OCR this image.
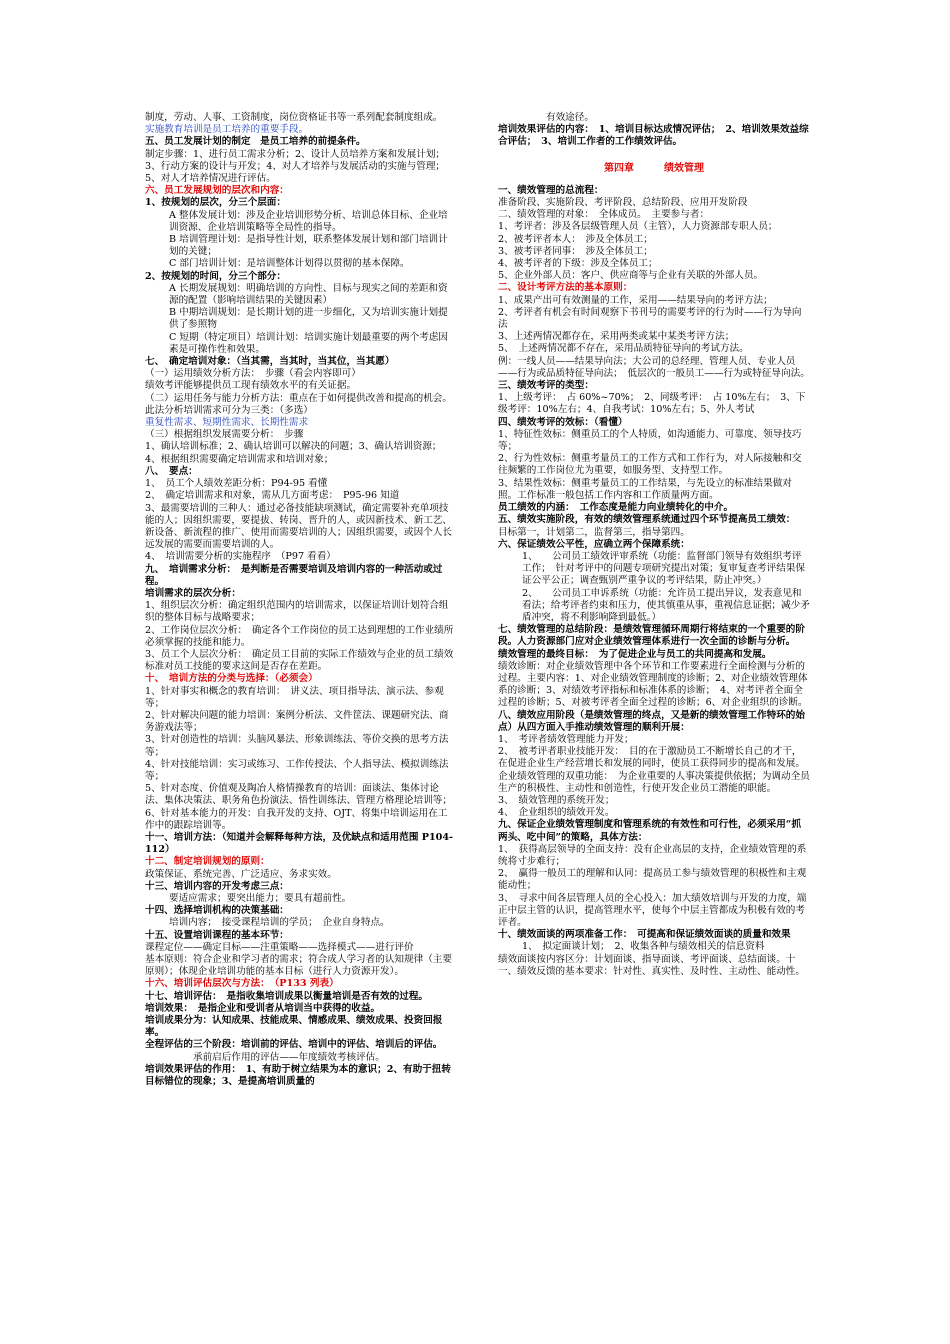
制度，劳动、人事、工资制度，岗位资格证书等一系列配套制度组成。
实施教育培训是员工培养的重要手段。
五、员工发展计划的制定　是员工培养的前提条件。
制定步骤：1、进行员工需求分析；2、设计人员培养方案和发展计划；3、行动方案的设计与开发；4、对人才培养与发展活动的实施与管理；5、对人才培养情况进行评估。
六、员工发展规划的层次和内容：
1、按规划的层次，分三个层面：
A 整体发展计划：涉及企业培训形势分析、培训总体目标、企业培训资源、企业培训策略等全局性的指导。
B 培训管理计划：是指导性计划，联系整体发展计划和部门培训计划的关键；
C 部门培训计划：是培训整体计划得以贯彻的基本保障。
2、按规划的时间，分三个部分：
A 长期发展规划：明确培训的方向性、目标与现实之间的差距和资源的配置（影响培训结果的关键因素）
B 中期培训规划：是长期计划的进一步细化，又为培训实施计划提供了参照物
C 短期（特定项目）培训计划：培训实施计划最重要的两个考虑因素是可操作性和效果。
七、　确定培训对象：（当其需，当其时，当其位，当其愿）
（一）运用绩效分析方法：　步骤（看会内容即可）
绩效考评能够提供员工现有绩效水平的有关证据。
（二）运用任务与能力分析方法：重点在于如何提供改善和提高的机会。　此法分析培训需求可分为三类：（多选）
重复性需求、短期性需求、长期性需求
（三）根据组织发展需要分析：　步骤
1、确认培训标准；2、确认培训可以解决的问题；3、确认培训资源；　4、根据组织需要确定培训需求和培训对象；
八、　要点：
1、　员工个人绩效差距分析：P94-95 看懂
2、　确定培训需求和对象，需从几方面考虑：　P95-96 知道
3、最需要培训的三种人：通过必备技能缺项测试，确定需要补充单项技能的人；因组织需要，要提拔、转岗、晋升的人，或因新技术、新工艺、新设备、新流程的推广、使用而需要培训的人；因组织需要，或因个人长远发展的需要而需要培训的人。
4、　培训需要分析的实施程序　（P97 看看）
九、　培训需求分析：　是判断是否需要培训及培训内容的一种活动或过程。
培训需求的层次分析：
1、组织层次分析：确定组织范围内的培训需求，以保证培训计划符合组织的整体目标与战略要求；
2、工作岗位层次分析：　确定各个工作岗位的员工达到理想的工作业绩所必须掌握的技能和能力。
3、员工个人层次分析：　确定员工目前的实际工作绩效与企业的员工绩效标准对员工技能的要求这间是否存在差距。
十、　培训方法的分类与选择：（必须会）
1、针对事实和概念的教育培训：　讲义法、项目指导法、演示法、参观等；
2、针对解决问题的能力培训：案例分析法、文件筐法、课题研究法、商务游戏法等；
3、针对创造性的培训：头脑风暴法、形象训练法、等价交换的思考方法等；
4、针对技能培训：实习或练习、工作传授法、个人指导法、模拟训练法等；
5、针对态度、价值观及陶冶人格情操教育的培训：面谈法、集体讨论法、集体决策法、职务角色扮演法、悟性训练法、管理方格理论培训等；
6、针对基本能力的开发：自我开发的支持、OJT、将集中培训运用在工作中的跟踪培训等。
十一、培训方法：（知道并会解释每种方法，及优缺点和适用范围 P104-112）
十二、制定培训规划的原则：
政策保证、系统完善、广泛适应、务求实效。
十三、培训内容的开发考虑三点：
要适应需求；要突出能力；要具有超前性。
十四、选择培训机构的决策基础：
培训内容；　接受课程培训的学员；　企业自身特点。
十五、设置培训课程的基本环节：
课程定位——确定目标——注重策略——选择模式——进行评价
基本原则：符合企业和学习者的需求；符合成人学习者的认知规律（主要原则）；体现企业培训功能的基本目标（进行人力资源开发）。
十六、培训评估层次与方法：　（P133 列表）
十七、培训评估：　是指收集培训成果以衡量培训是否有效的过程。
培训效果：　是指企业和受训者从培训当中获得的收益。
培训成果分为：认知成果、技能成果、情感成果、绩效成果、投资回报率。
全程评估的三个阶段：培训前的评估、培训中的评估、培训后的评估。
承前启后作用的评估——年度绩效考核评估。
培训效果评估的作用：　1、有助于树立结果为本的意识；2、有助于扭转目标错位的现象；3、是提高培训质量的
有效途径。
培训效果评估的内容：　1、培训目标达成情况评估；　2、培训效果效益综合评估；　3、培训工作者的工作绩效评估。
第四章　　　绩效管理
一、绩效管理的总流程：
准备阶段、实施阶段、考评阶段、总结阶段、应用开发阶段
二、绩效管理的对象：　全体成员。　主要参与者：
1、考评者：涉及各层级管理人员（主管），人力资源部专职人员；
2、被考评者本人：　涉及全体员工；
3、被考评者同事：　涉及全体员工；
4、被考评者的下级：涉及全体员工；
5、企业外部人员：客户、供应商等与企业有关联的外部人员。
二、设计考评方法的基本原则：
1、成果产出可有效测量的工作，采用——结果导向的考评方法；
2、考评者有机会有时间观察下书刊号的需要考评的行为时——行为导向法
3、上述两情况都存在，采用两类或某中某类考评方法；
5、　上述两情况都不存在，采用品质特征导向的考试方法。
例：一线人员——结果导向法；大公司的总经理、管理人员、专业人员——行为或品质特征导向法；　低层次的一般员工——行为或特征导向法。
三、绩效考评的类型：
1、上级考评：　占 60%~70%；　2、同级考评：　占 10%左右；　3、下级考评：10%左右；4、自我考试：10%左右；5、外人考试
四、绩效考评的效标：（看懂）
1、特征性效标：侧重员工的个人特质，如沟通能力、可靠度、领导技巧等；
2、行为性效标：侧重考量员工的工作方式和工作行为，对人际接触和交往频繁的工作岗位尤为重要，如服务型、支持型工作。
3、结果性效标：侧重考量员工的工作结果，与先设立的标准结果做对照。工作标准一般包括工作内容和工作质量两方面。
员工绩效的内涵：　工作态度是能力向业绩转化的中介。
五、绩效实施阶段，有效的绩效管理系统通过四个环节提高员工绩效：
目标第一，计划第二，监督第三，指导第四。
六、保证绩效公平性，应确立两个保障系统：
1、　　公司员工绩效评审系统（功能：监督部门领导有效组织考评工作；　针对考评中的问题专项研究提出对策；复审复查考评结果保证公平公正；调查甄别严重争议的考评结果，防止冲突。）
2、　　公司员工申诉系统（功能：允许员工提出异议，发表意见和看法；给考评者约束和压力，使其慎重从事，重视信息证据；减少矛盾冲突，将不利影响降到最低。）
七、绩效管理的总结阶段：是绩效管理循环周期行将结束的一个重要的阶段。人力资源部门应对企业绩效管理体系进行一次全面的诊断与分析。
绩效管理的最终目标：　为了促进企业与员工的共同提高和发展。
绩效诊断：对企业绩效管理中各个环节和工作要素进行全面检测与分析的过程。主要内容：1、对企业绩效管理制度的诊断；2、对企业绩效管理体系的诊断；3、对绩效考评指标和标准体系的诊断；　4、对考评者全面全过程的诊断；5、对被考评者全面全过程的诊断；6、对企业组织的诊断。
八、绩效应用阶段（是绩效管理的终点，又是新的绩效管理工作特环的始点）从四方面入手推动绩效管理的顺利开展：
1、　考评者绩效管理能力开发；
2、　被考评者职业技能开发：　目的在于激励员工不断增长自己的才干，在促进企业生产经营增长和发展的同时，使员工获得同步的提高和发展。　企业绩效管理的双重功能：　为企业重要的人事决策提供依据；为调动全员生产的积极性、主动性和创造性，行使开发企业员工潜能的职能。
3、　绩效管理的系统开发；
4、　企业组织的绩效开发。
九、保证企业绩效管理制度和管理系统的有效性和可行性，必须采用“抓两头、吃中间”的策略，具体方法：
1、　获得高层领导的全面支持：没有企业高层的支持，企业绩效管理的系统将寸步难行；
2、　赢得一般员工的理解和认同：提高员工参与绩效管理的积极性和主观能动性；
3、　寻求中间各层管理人员的全心投入：加大绩效培训与开发的力度，端正中层主管的认识，提高管理水平，使每个中层主管都成为积极有效的考评者。
十、绩效面谈的两项准备工作：　可提高和保证绩效面谈的质量和效果
1、　拟定面谈计划；　2、收集各种与绩效相关的信息资料
绩效面谈按内容区分：计划面谈、指导面谈、考评面谈、总结面谈。十一、绩效反馈的基本要求：针对性、真实性、及时性、主动性、能动性。
